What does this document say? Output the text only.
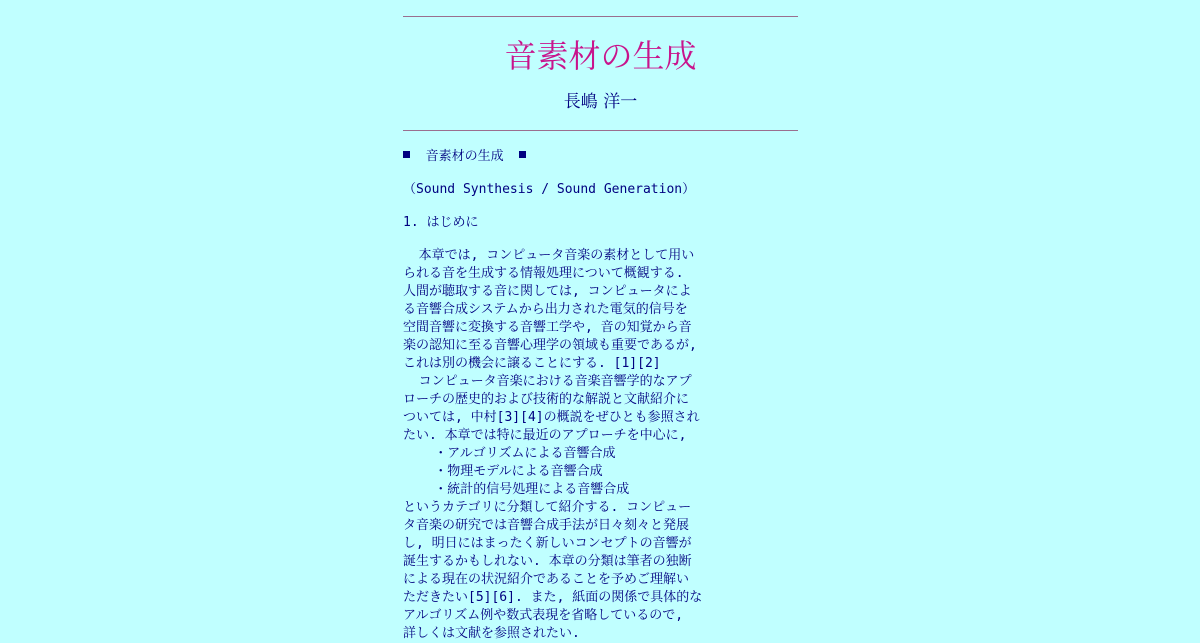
音素材の生成
長嶋 洋一
音素材の生成
（Sound Synthesis / Sound Generation）
1. はじめに
本章では, コンピュータ音楽の素材として用い
られる音を生成する情報処理について概観する.
人間が聴取する音に関しては, コンピュータによ
る音響合成システムから出力された電気的信号を
空間音響に変換する音響工学や, 音の知覚から音
楽の認知に至る音響心理学の領域も重要であるが,
これは別の機会に譲ることにする. [1][2]
コンピュータ音楽における音楽音響学的なアプ
ローチの歴史的および技術的な解説と文献紹介に
ついては, 中村[3][4]の概説をぜひとも参照され
たい. 本章では特に最近のアプローチを中心に,
・アルゴリズムによる音響合成
・物理モデルによる音響合成
・統計的信号処理による音響合成
というカテゴリに分類して紹介する. コンピュー
タ音楽の研究では音響合成手法が日々刻々と発展
し, 明日にはまったく新しいコンセプトの音響が
誕生するかもしれない. 本章の分類は筆者の独断
による現在の状況紹介であることを予めご理解い
ただきたい[5][6]. また, 紙面の関係で具体的な
アルゴリズム例や数式表現を省略しているので,
詳しくは文献を参照されたい.
